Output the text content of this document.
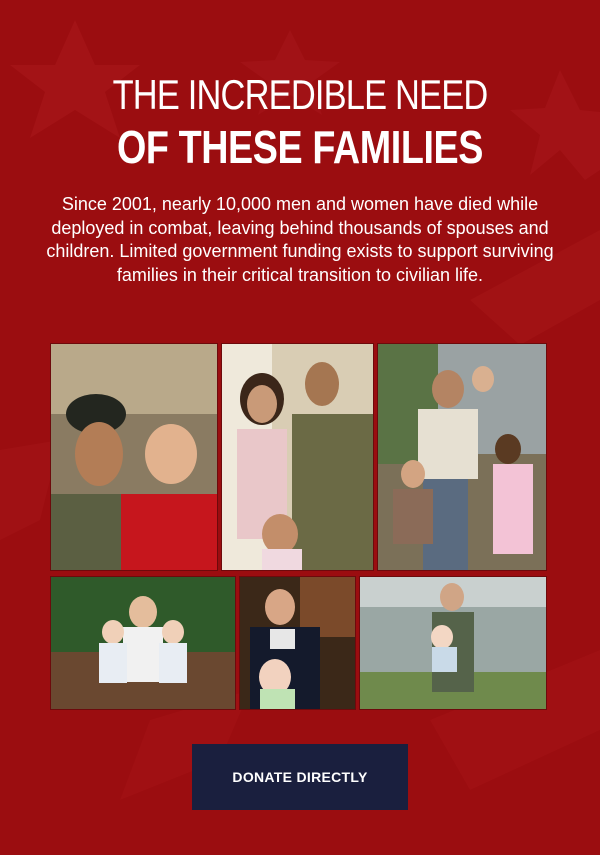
THE INCREDIBLE NEED
OF THESE FAMILIES

Since 2001, nearly 10,000 men and women have died while deployed in combat, leaving behind thousands of spouses and children. Limited government funding exists to support surviving families in their critical transition to civilian life.

DONATE DIRECTLY
